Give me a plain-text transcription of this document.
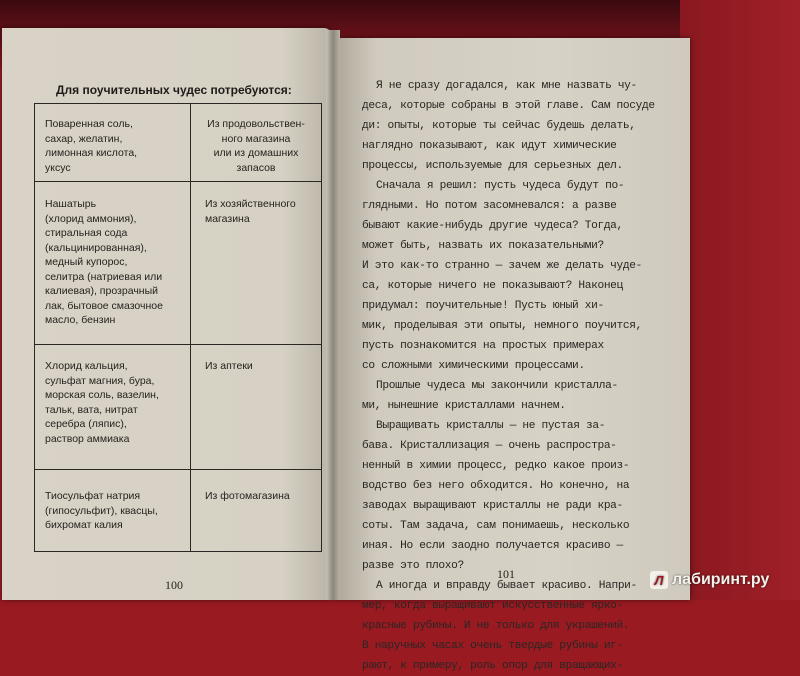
Для поучительных чудес потребуются:
Поваренная соль,
сахар, желатин,
лимонная кислота,
уксус
Из продовольствен-
ного магазина
или из домашних
запасов
Нашатырь
(хлорид аммония),
стиральная сода
(кальцинированная),
медный купорос,
селитра (натриевая или
калиевая), прозрачный
лак, бытовое смазочное
масло, бензин
Из хозяйственного
магазина
Хлорид кальция,
сульфат магния, бура,
морская соль, вазелин,
тальк, вата, нитрат
серебра (ляпис),
раствор аммиака
Из аптеки
Тиосульфат натрия
(гипосульфит), квасцы,
бихромат калия
Из фотомагазина
100
Я не сразу догадался, как мне назвать чу-
деса, которые собраны в этой главе. Сам посуде
ди: опыты, которые ты сейчас будешь делать,
наглядно показывают, как идут химические
процессы, используемые для серьезных дел.
Сначала я решил: пусть чудеса будут по-
глядными. Но потом засомневался: а разве
бывают какие-нибудь другие чудеса? Тогда,
может быть, назвать их показательными?
И это как-то странно — зачем же делать чуде-
са, которые ничего не показывают? Наконец
придумал: поучительные! Пусть юный хи-
мик, проделывая эти опыты, немного поучится,
пусть познакомится на простых примерах
со сложными химическими процессами.
Прошлые чудеса мы закончили кристалла-
ми, нынешние кристаллами начнем.
Выращивать кристаллы — не пустая за-
бава. Кристаллизация — очень распростра-
ненный в химии процесс, редко какое произ-
водство без него обходится. Но конечно, на
заводах выращивают кристаллы не ради кра-
соты. Там задача, сам понимаешь, несколько
иная. Но если заодно получается красиво —
разве это плохо?
А иногда и вправду бывает красиво. Напри-
мер, когда выращивают искусственные ярко-
красные рубины. И не только для украшений.
В наручных часах очень твердые рубины иг-
рают, к примеру, роль опор для вращающих-
101	Л лабиринт.ру
